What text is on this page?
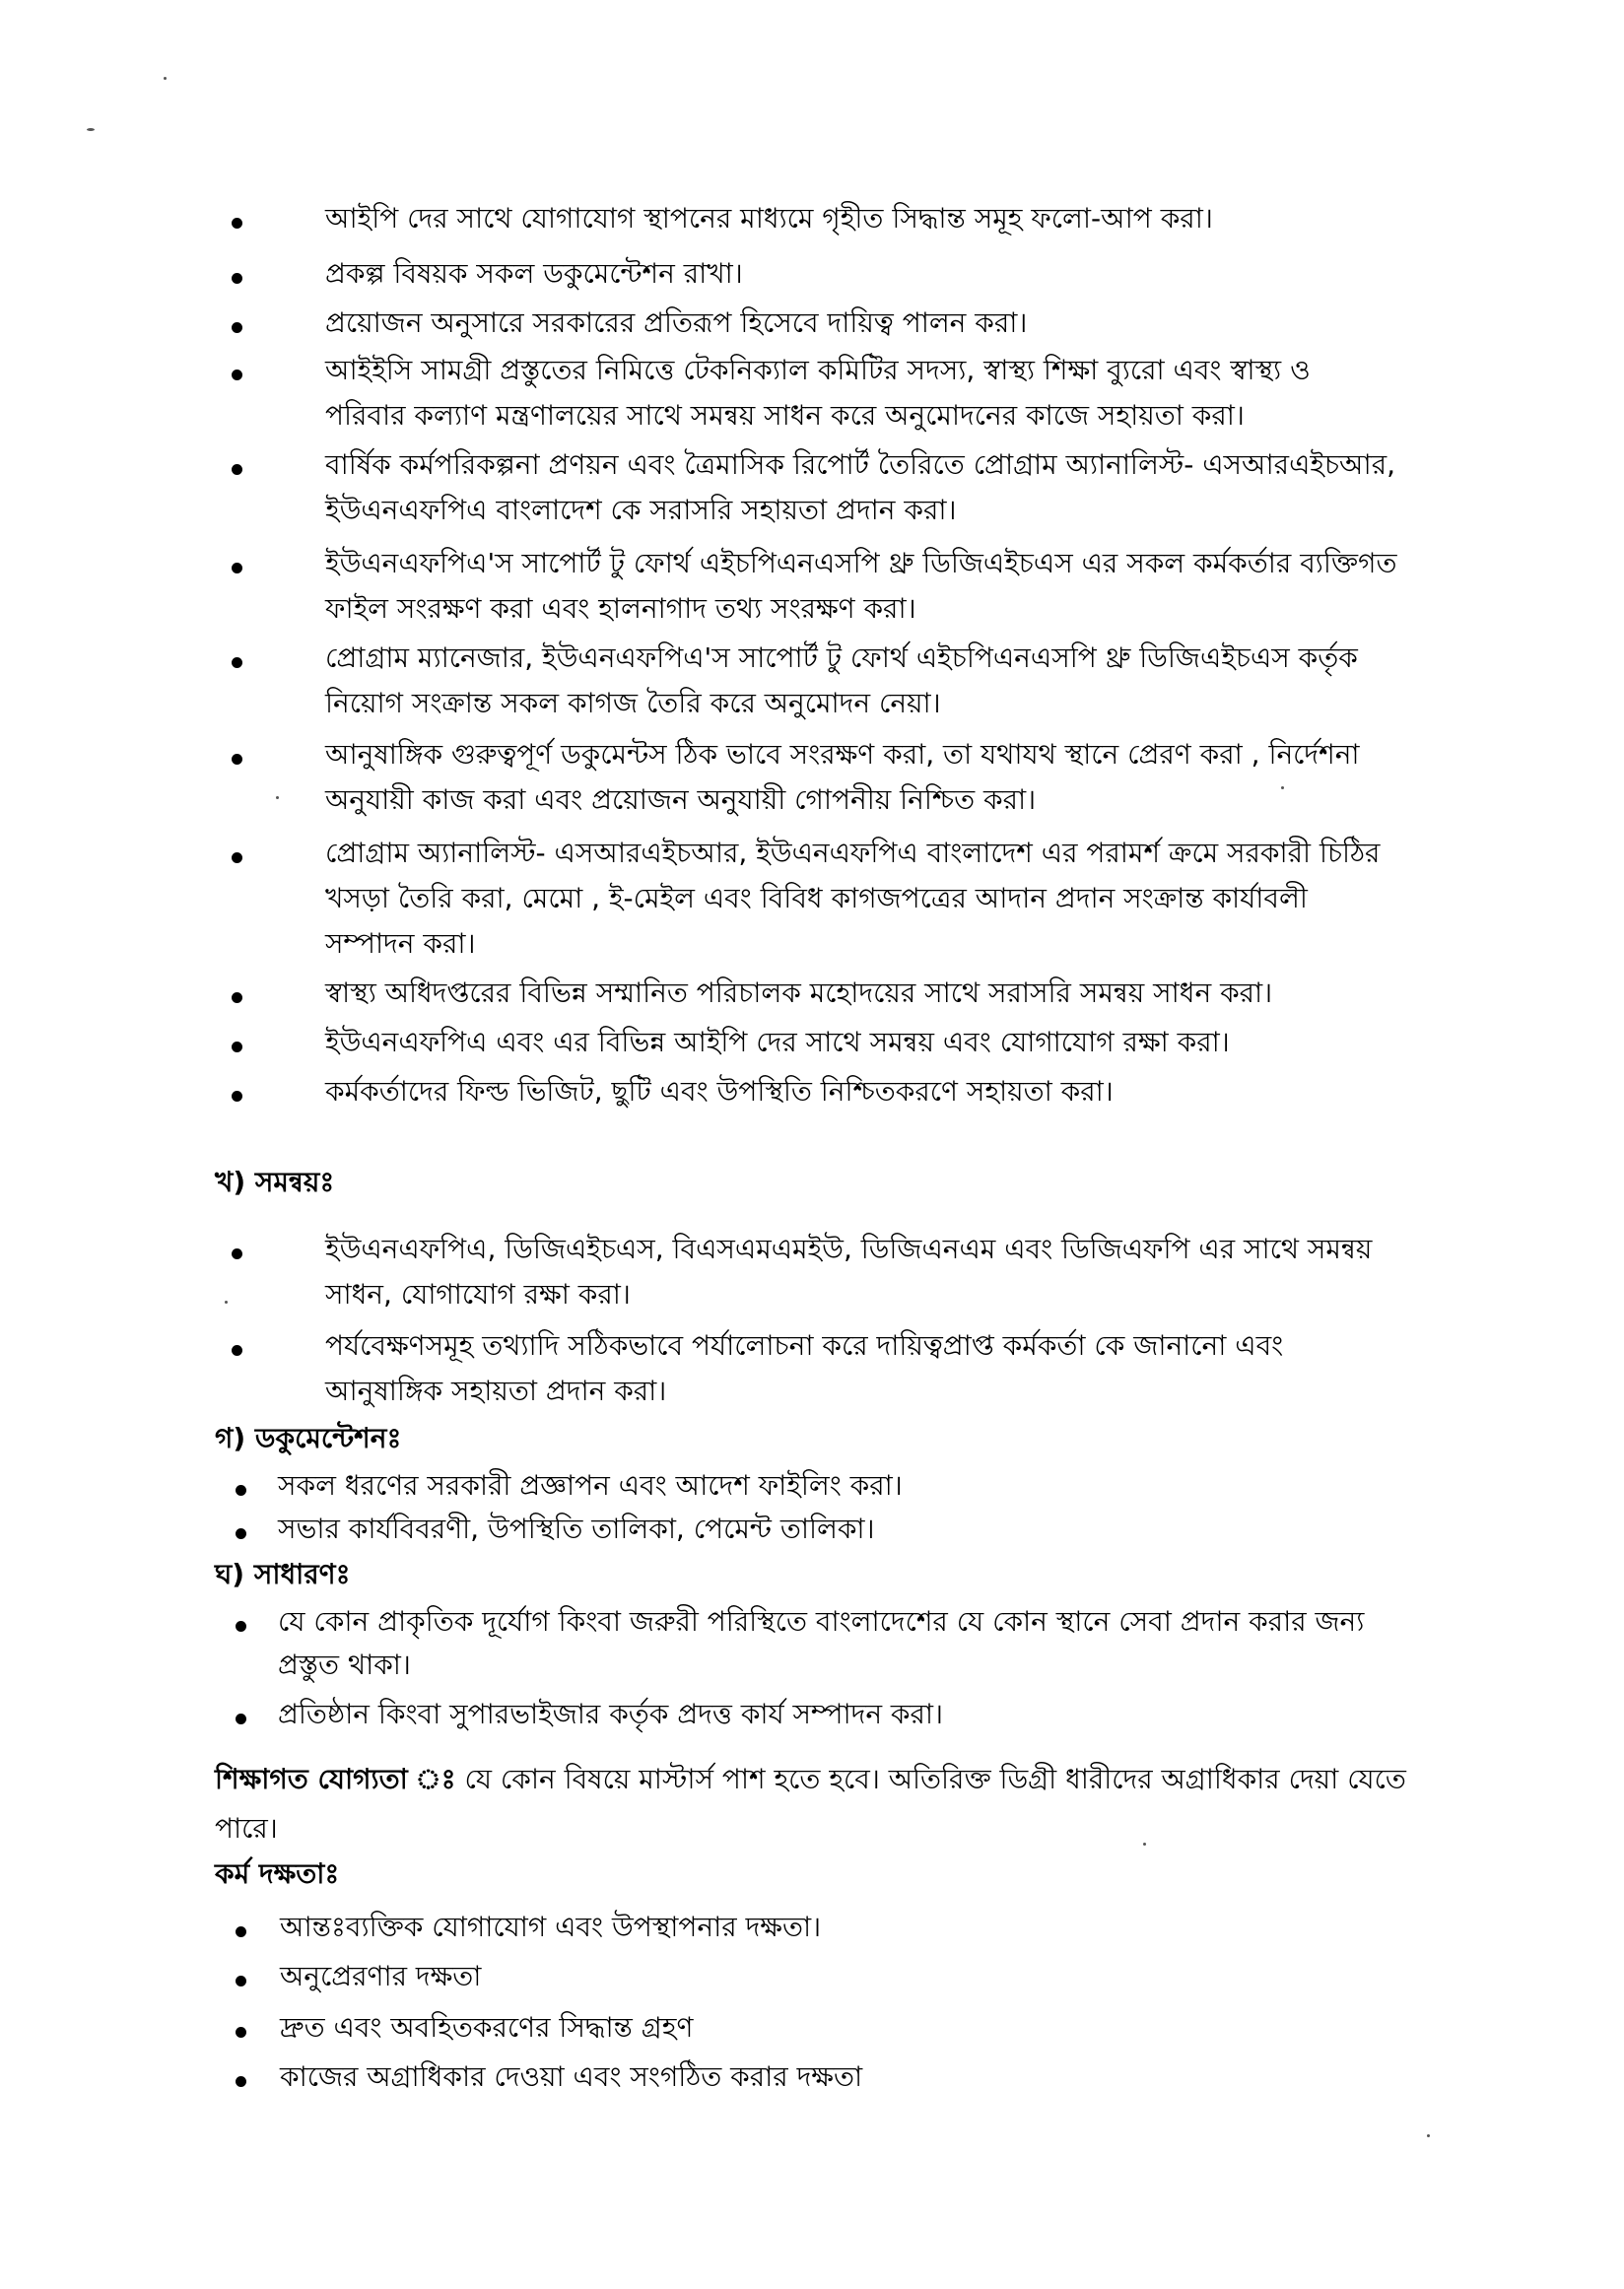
আইপি দের সাথে যোগাযোগ স্থাপনের মাধ্যমে গৃহীত সিদ্ধান্ত সমূহ ফলো-আপ করা।
প্রকল্প বিষয়ক সকল ডকুমেন্টেশন রাখা।
প্রয়োজন অনুসারে সরকারের প্রতিরূপ হিসেবে দায়িত্ব পালন করা।
আইইসি সামগ্রী প্রস্তুতের নিমিত্তে টেকনিক্যাল কমিটির সদস্য, স্বাস্থ্য শিক্ষা ব্যুরো এবং স্বাস্থ্য ও
পরিবার কল্যাণ মন্ত্রণালয়ের সাথে সমন্বয় সাধন করে অনুমোদনের কাজে সহায়তা করা।
বার্ষিক কর্মপরিকল্পনা প্রণয়ন এবং ত্রৈমাসিক রিপোর্ট তৈরিতে প্রোগ্রাম অ্যানালিস্ট- এসআরএইচআর,
ইউএনএফপিএ বাংলাদেশ কে সরাসরি সহায়তা প্রদান করা।
ইউএনএফপিএ'স সাপোর্ট টু ফোর্থ এইচপিএনএসপি থ্রু ডিজিএইচএস এর সকল কর্মকর্তার ব্যক্তিগত
ফাইল সংরক্ষণ করা এবং হালনাগাদ তথ্য সংরক্ষণ করা।
প্রোগ্রাম ম্যানেজার, ইউএনএফপিএ'স সাপোর্ট টু ফোর্থ এইচপিএনএসপি থ্রু ডিজিএইচএস কর্তৃক
নিয়োগ সংক্রান্ত সকল কাগজ তৈরি করে অনুমোদন নেয়া।
আনুষাঙ্গিক গুরুত্বপূর্ণ ডকুমেন্টস ঠিক ভাবে সংরক্ষণ করা, তা যথাযথ স্থানে প্রেরণ করা , নির্দেশনা
অনুযায়ী কাজ করা এবং প্রয়োজন অনুযায়ী গোপনীয় নিশ্চিত করা।
প্রোগ্রাম অ্যানালিস্ট- এসআরএইচআর, ইউএনএফপিএ বাংলাদেশ এর পরামর্শ ক্রমে সরকারী চিঠির
খসড়া তৈরি করা, মেমো , ই-মেইল এবং বিবিধ কাগজপত্রের আদান প্রদান সংক্রান্ত কার্যাবলী
সম্পাদন করা।
স্বাস্থ্য অধিদপ্তরের বিভিন্ন সম্মানিত পরিচালক মহোদয়ের সাথে সরাসরি সমন্বয় সাধন করা।
ইউএনএফপিএ এবং এর বিভিন্ন আইপি দের সাথে সমন্বয় এবং যোগাযোগ রক্ষা করা।
কর্মকর্তাদের ফিল্ড ভিজিট, ছুটি এবং উপস্থিতি নিশ্চিতকরণে সহায়তা করা।
খ) সমন্বয়ঃ
ইউএনএফপিএ, ডিজিএইচএস, বিএসএমএমইউ, ডিজিএনএম এবং ডিজিএফপি এর সাথে সমন্বয়
সাধন, যোগাযোগ রক্ষা করা।
পর্যবেক্ষণসমূহ তথ্যাদি সঠিকভাবে পর্যালোচনা করে দায়িত্বপ্রাপ্ত কর্মকর্তা কে জানানো এবং
আনুষাঙ্গিক সহায়তা প্রদান করা।
গ) ডকুমেন্টেশনঃ
সকল ধরণের সরকারী প্রজ্ঞাপন এবং আদেশ ফাইলিং করা।
সভার কার্যবিবরণী, উপস্থিতি তালিকা, পেমেন্ট তালিকা।
ঘ) সাধারণঃ
যে কোন প্রাকৃতিক দূর্যোগ কিংবা জরুরী পরিস্থিতে বাংলাদেশের যে কোন স্থানে সেবা প্রদান করার জন্য
প্রস্তুত থাকা।
প্রতিষ্ঠান কিংবা সুপারভাইজার কর্তৃক প্রদত্ত কার্য সম্পাদন করা।
শিক্ষাগত যোগ্যতা ঃ যে কোন বিষয়ে মাস্টার্স পাশ হতে হবে। অতিরিক্ত ডিগ্রী ধারীদের অগ্রাধিকার দেয়া যেতে
পারে।
কর্ম দক্ষতাঃ
আন্তঃব্যক্তিক যোগাযোগ এবং উপস্থাপনার দক্ষতা।
অনুপ্রেরণার দক্ষতা
দ্রুত এবং অবহিতকরণের সিদ্ধান্ত গ্রহণ
কাজের অগ্রাধিকার দেওয়া এবং সংগঠিত করার দক্ষতা
